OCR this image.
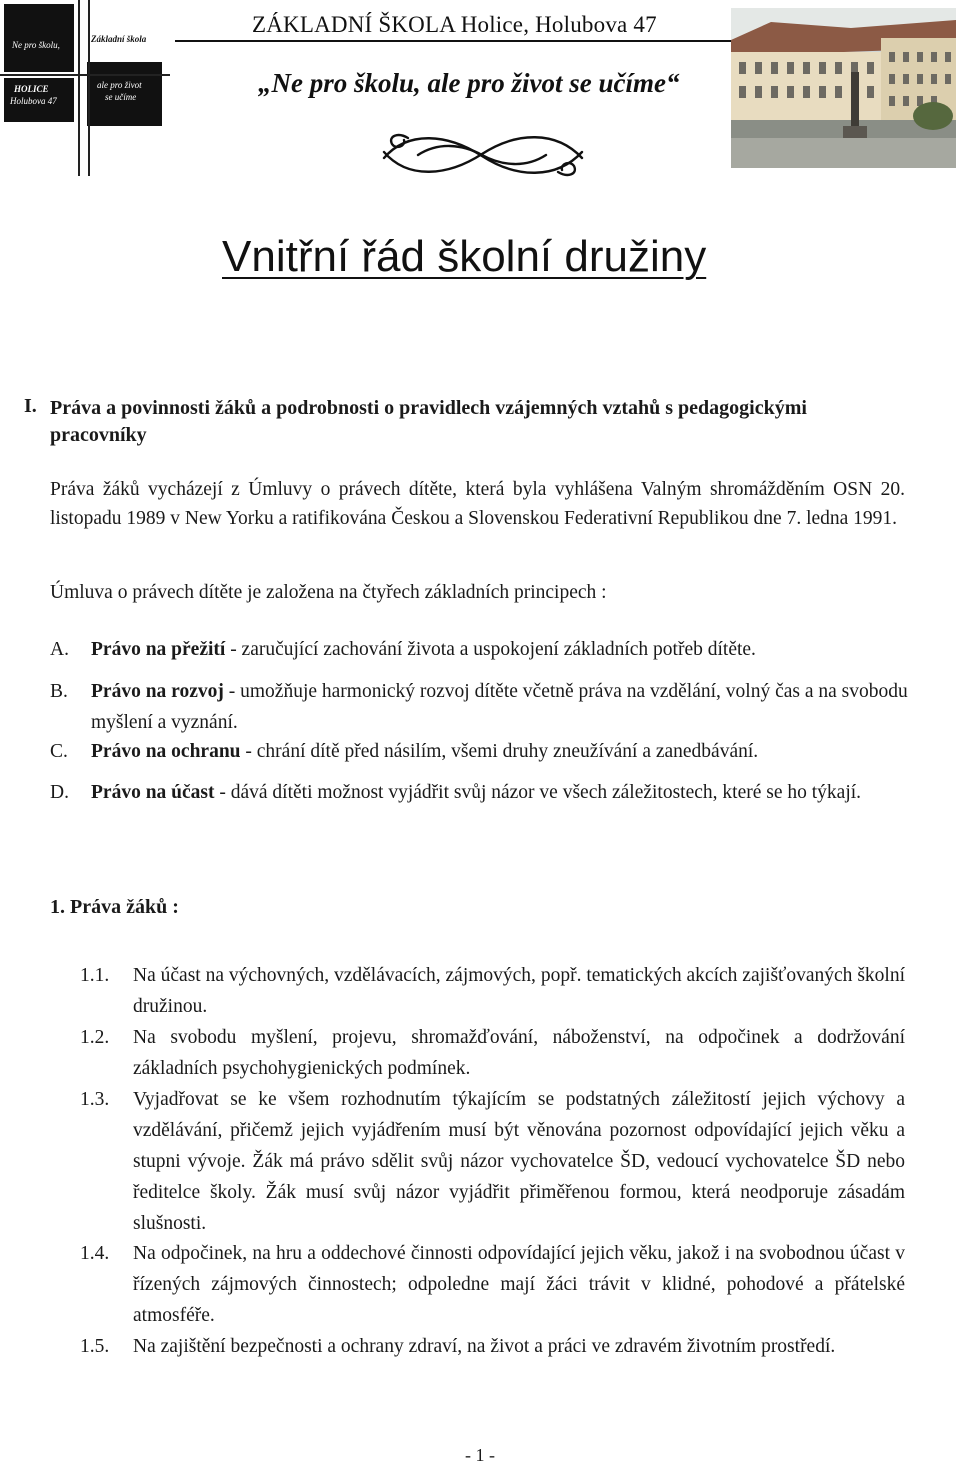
Ne pro školu,
Základní škola
HOLICE
Holubova 47
ale pro život
se učíme
ZÁKLADNÍ ŠKOLA Holice, Holubova 47
„Ne pro školu, ale pro život se učíme“
Vnitřní řád školní družiny
I. Práva a povinnosti žáků a podrobnosti o pravidlech vzájemných vztahů s pedagogickými pracovníky
Práva žáků vycházejí z Úmluvy o právech dítěte, která byla vyhlášena Valným shromážděním OSN 20. listopadu 1989 v New Yorku a ratifikována Českou a Slovenskou Federativní Republikou dne 7. ledna 1991.
Úmluva o právech dítěte je založena na čtyřech základních principech :
A. Právo na přežití - zaručující zachování života a uspokojení základních potřeb dítěte.
B. Právo na rozvoj - umožňuje harmonický rozvoj dítěte včetně práva na vzdělání, volný čas a na svobodu myšlení a vyznání.
C. Právo na ochranu - chrání dítě před násilím, všemi druhy zneužívání a zanedbávání.
D. Právo na účast - dává dítěti možnost vyjádřit svůj názor ve všech záležitostech, které se ho týkají.
1. Práva žáků :
1.1. Na účast na výchovných, vzdělávacích, zájmových, popř. tematických akcích zajišťovaných školní družinou.
1.2. Na svobodu myšlení, projevu, shromažďování, náboženství, na odpočinek a dodržování základních psychohygienických podmínek.
1.3. Vyjadřovat se ke všem rozhodnutím týkajícím se podstatných záležitostí jejich výchovy a vzdělávání, přičemž jejich vyjádřením musí být věnována pozornost odpovídající jejich věku a stupni vývoje. Žák má právo sdělit svůj názor vychovatelce ŠD, vedoucí vychovatelce ŠD nebo ředitelce školy. Žák musí svůj názor vyjádřit přiměřenou formou, která neodporuje zásadám slušnosti.
1.4. Na odpočinek, na hru a oddechové činnosti odpovídající jejich věku, jakož i na svobodnou účast v řízených zájmových činnostech; odpoledne mají žáci trávit v klidné, pohodové a přátelské atmosféře.
1.5. Na zajištění bezpečnosti a ochrany zdraví, na život a práci ve zdravém životním prostředí.
- 1 -
